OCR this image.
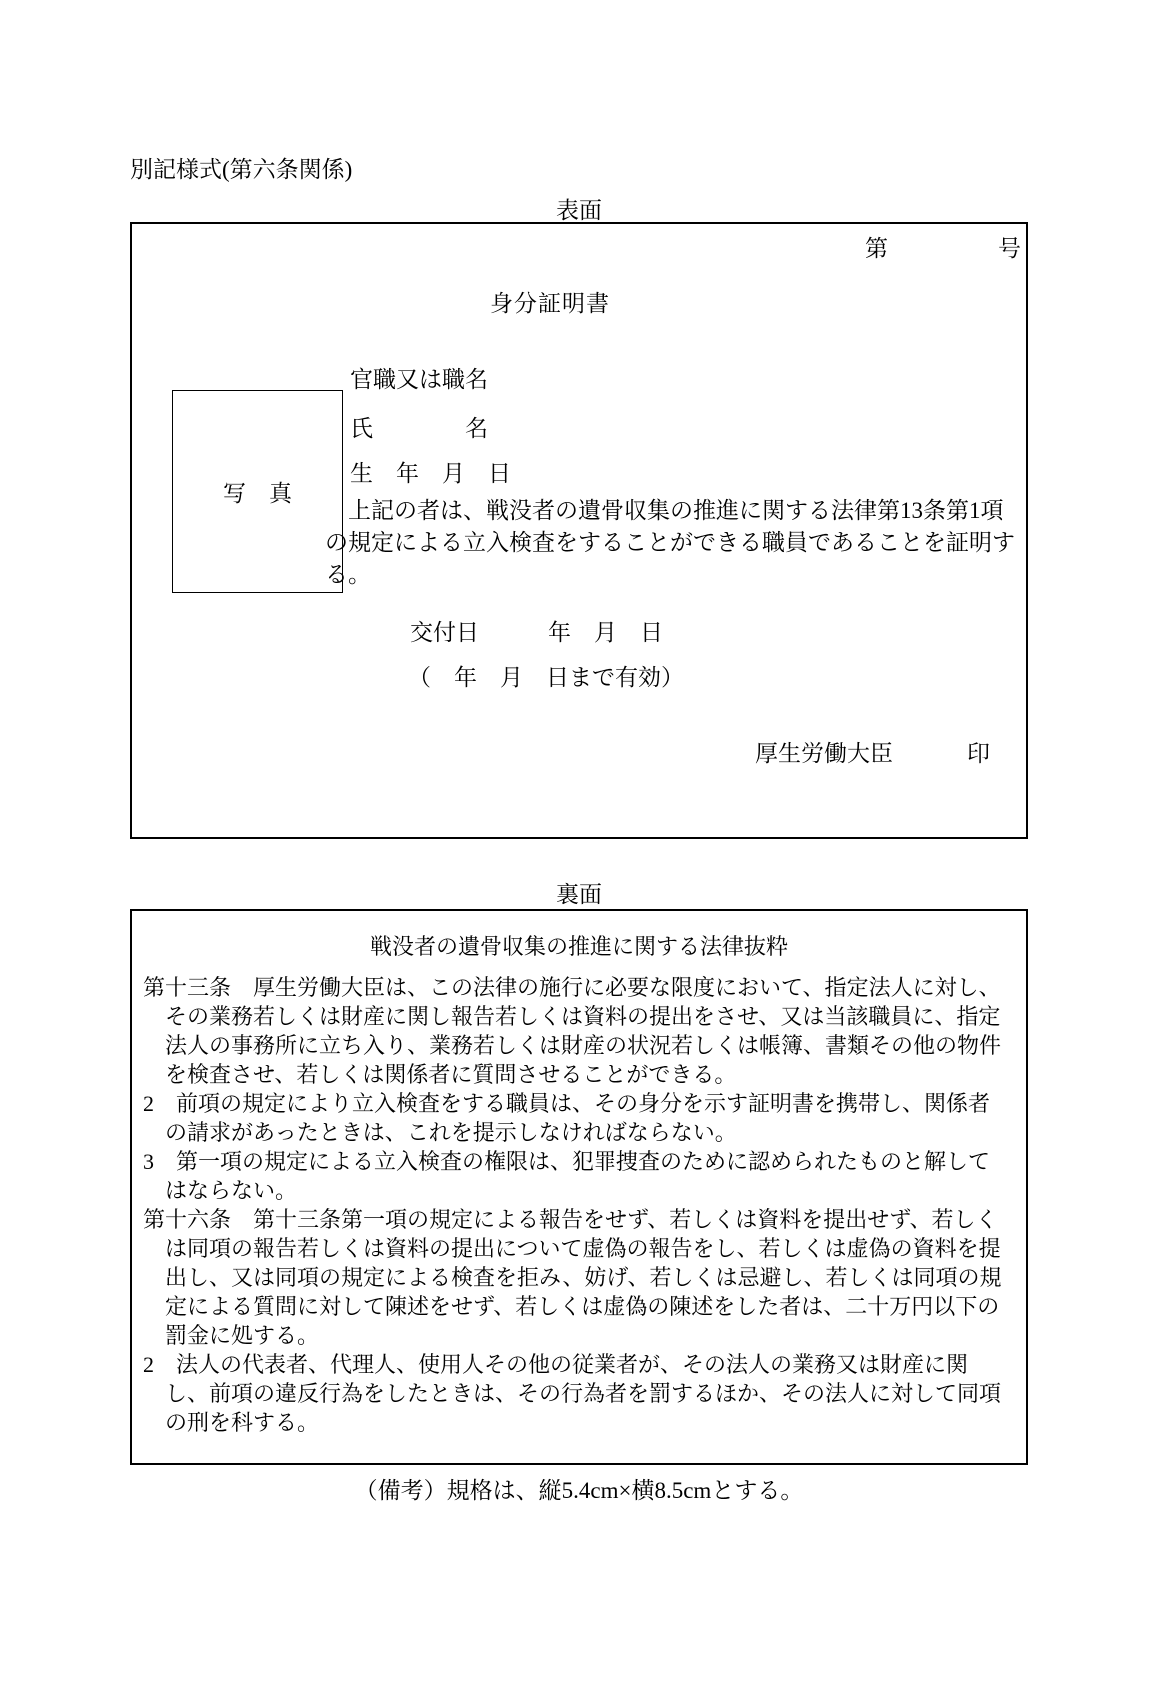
別記様式(第六条関係)
表面
第	号
身分証明書
写　真
官職又は職名
氏　　　　名
生　年　月　日
　上記の者は、戦没者の遺骨収集の推進に関する法律第13条第1項
の規定による立入検査をすることができる職員であることを証明す
る。
交付日　　　年　月　日
（　年　月　日まで有効）
厚生労働大臣	印
裏面
戦没者の遺骨収集の推進に関する法律抜粋
第十三条　厚生労働大臣は、この法律の施行に必要な限度において、指定法人に対し、
その業務若しくは財産に関し報告若しくは資料の提出をさせ、又は当該職員に、指定
法人の事務所に立ち入り、業務若しくは財産の状況若しくは帳簿、書類その他の物件
を検査させ、若しくは関係者に質問させることができる。
2　前項の規定により立入検査をする職員は、その身分を示す証明書を携帯し、関係者
の請求があったときは、これを提示しなければならない。
3　第一項の規定による立入検査の権限は、犯罪捜査のために認められたものと解して
はならない。
第十六条　第十三条第一項の規定による報告をせず、若しくは資料を提出せず、若しく
は同項の報告若しくは資料の提出について虚偽の報告をし、若しくは虚偽の資料を提
出し、又は同項の規定による検査を拒み、妨げ、若しくは忌避し、若しくは同項の規
定による質問に対して陳述をせず、若しくは虚偽の陳述をした者は、二十万円以下の
罰金に処する。
2　法人の代表者、代理人、使用人その他の従業者が、その法人の業務又は財産に関
し、前項の違反行為をしたときは、その行為者を罰するほか、その法人に対して同項
の刑を科する。
（備考）規格は、縦5.4cm×横8.5cmとする。
